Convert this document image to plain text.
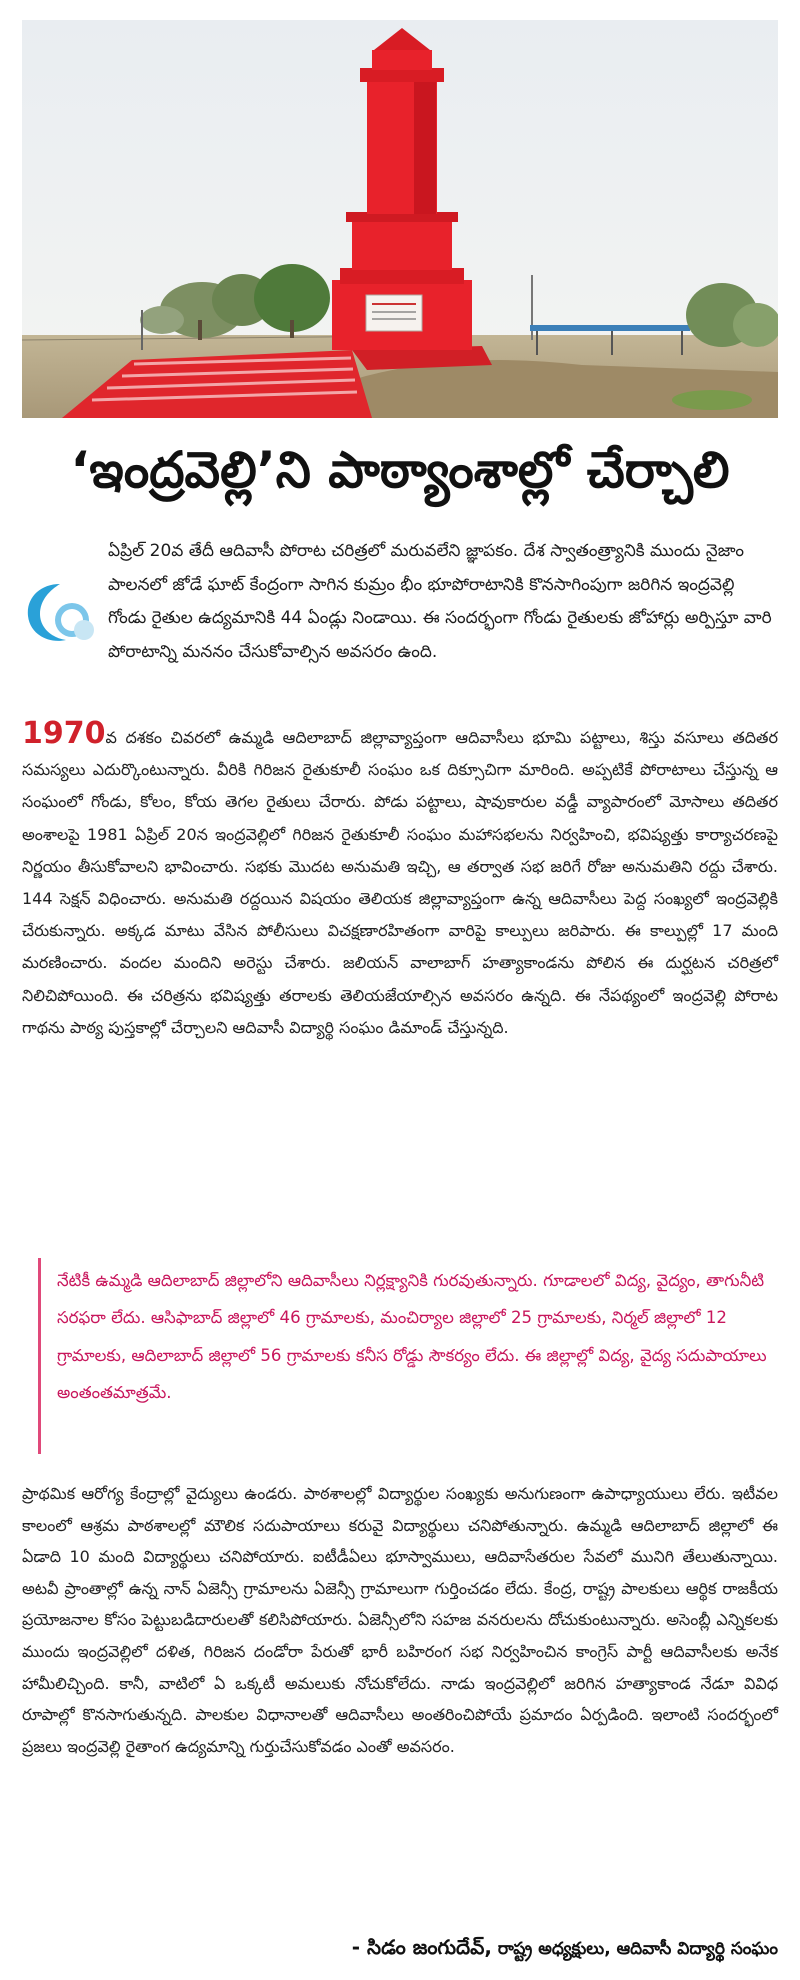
‘ఇంద్రవెల్లి’ని పాఠ్యాంశాల్లో చేర్చాలి

ఏప్రిల్ 20వ తేదీ ఆదివాసీ పోరాట చరిత్రలో మరువలేని జ్ఞాపకం. దేశ స్వాతంత్ర్యానికి ముందు నైజాం పాలనలో జోడే ఘాట్ కేంద్రంగా సాగిన కుమ్రం భీం భూపోరాటానికి కొనసాగింపుగా జరిగిన ఇంద్రవెల్లి గోండు రైతుల ఉద్యమానికి 44 ఏండ్లు నిండాయి. ఈ సందర్భంగా గోండు రైతులకు జోహార్లు అర్పిస్తూ వారి పోరాటాన్ని మననం చేసుకోవాల్సిన అవసరం ఉంది.

1970వ దశకం చివరలో ఉమ్మడి ఆదిలాబాద్ జిల్లావ్యాప్తంగా ఆదివాసీలు భూమి పట్టాలు, శిస్తు వసూలు తదితర సమస్యలు ఎదుర్కొంటున్నారు. వీరికి గిరిజన రైతుకూలీ సంఘం ఒక దిక్సూచిగా మారింది. అప్పటికే పోరాటాలు చేస్తున్న ఆ సంఘంలో గోండు, కోలం, కోయ తెగల రైతులు చేరారు. పోడు పట్టాలు, షావుకారుల వడ్డీ వ్యాపారంలో మోసాలు తదితర అంశాలపై 1981 ఏప్రిల్ 20న ఇంద్రవెల్లిలో గిరిజన రైతుకూలీ సంఘం మహాసభలను నిర్వహించి, భవిష్యత్తు కార్యాచరణపై నిర్ణయం తీసుకోవాలని భావించారు. సభకు మొదట అనుమతి ఇచ్చి, ఆ తర్వాత సభ జరిగే రోజు అనుమతిని రద్దు చేశారు. 144 సెక్షన్ విధించారు. అనుమతి రద్దయిన విషయం తెలియక జిల్లావ్యాప్తంగా ఉన్న ఆదివాసీలు పెద్ద సంఖ్యలో ఇంద్రవెల్లికి చేరుకున్నారు. అక్కడ మాటు వేసిన పోలీసులు విచక్షణారహితంగా వారిపై కాల్పులు జరిపారు. ఈ కాల్పుల్లో 17 మంది మరణించారు. వందల మందిని అరెస్టు చేశారు. జలియన్ వాలాబాగ్ హత్యాకాండను పోలిన ఈ దుర్ఘటన చరిత్రలో నిలిచిపోయింది. ఈ చరిత్రను భవిష్యత్తు తరాలకు తెలియజేయాల్సిన అవసరం ఉన్నది. ఈ నేపథ్యంలో ఇంద్రవెల్లి పోరాట గాథను పాఠ్య పుస్తకాల్లో చేర్చాలని ఆదివాసీ విద్యార్థి సంఘం డిమాండ్ చేస్తున్నది.

నేటికీ ఉమ్మడి ఆదిలాబాద్ జిల్లాలోని ఆదివాసీలు నిర్లక్ష్యానికి గురవుతున్నారు. గూడాలలో విద్య, వైద్యం, తాగునీటి సరఫరా లేదు. ఆసిఫాబాద్ జిల్లాలో 46 గ్రామాలకు, మంచిర్యాల జిల్లాలో 25 గ్రామాలకు, నిర్మల్ జిల్లాలో 12 గ్రామాలకు, ఆదిలాబాద్ జిల్లాలో 56 గ్రామాలకు కనీస రోడ్డు సౌకర్యం లేదు. ఈ జిల్లాల్లో విద్య, వైద్య సదుపాయాలు అంతంతమాత్రమే.

ప్రాథమిక ఆరోగ్య కేంద్రాల్లో వైద్యులు ఉండరు. పాఠశాలల్లో విద్యార్థుల సంఖ్యకు అనుగుణంగా ఉపాధ్యాయులు లేరు. ఇటీవల కాలంలో ఆశ్రమ పాఠశాలల్లో మౌలిక సదుపాయాలు కరువై విద్యార్థులు చనిపోతున్నారు. ఉమ్మడి ఆదిలాబాద్ జిల్లాలో ఈ ఏడాది 10 మంది విద్యార్థులు చనిపోయారు. ఐటీడీఏలు భూస్వాములు, ఆదివాసేతరుల సేవలో మునిగి తేలుతున్నాయి. అటవీ ప్రాంతాల్లో ఉన్న నాన్ ఏజెన్సీ గ్రామాలను ఏజెన్సీ గ్రామాలుగా గుర్తించడం లేదు. కేంద్ర, రాష్ట్ర పాలకులు ఆర్థిక రాజకీయ ప్రయోజనాల కోసం పెట్టుబడిదారులతో కలిసిపోయారు. ఏజెన్సీలోని సహజ వనరులను దోచుకుంటున్నారు. అసెంబ్లీ ఎన్నికలకు ముందు ఇంద్రవెల్లిలో దళిత, గిరిజన దండోరా పేరుతో భారీ బహిరంగ సభ నిర్వహించిన కాంగ్రెస్ పార్టీ ఆదివాసీలకు అనేక హామీలిచ్చింది. కానీ, వాటిలో ఏ ఒక్కటీ అమలుకు నోచుకోలేదు. నాడు ఇంద్రవెల్లిలో జరిగిన హత్యాకాండ నేడూ వివిధ రూపాల్లో కొనసాగుతున్నది. పాలకుల విధానాలతో ఆదివాసీలు అంతరించిపోయే ప్రమాదం ఏర్పడింది. ఇలాంటి సందర్భంలో ప్రజలు ఇంద్రవెల్లి రైతాంగ ఉద్యమాన్ని గుర్తుచేసుకోవడం ఎంతో అవసరం.

- సిడం జంగుదేవ్, రాష్ట్ర అధ్యక్షులు, ఆదివాసీ విద్యార్థి సంఘం
